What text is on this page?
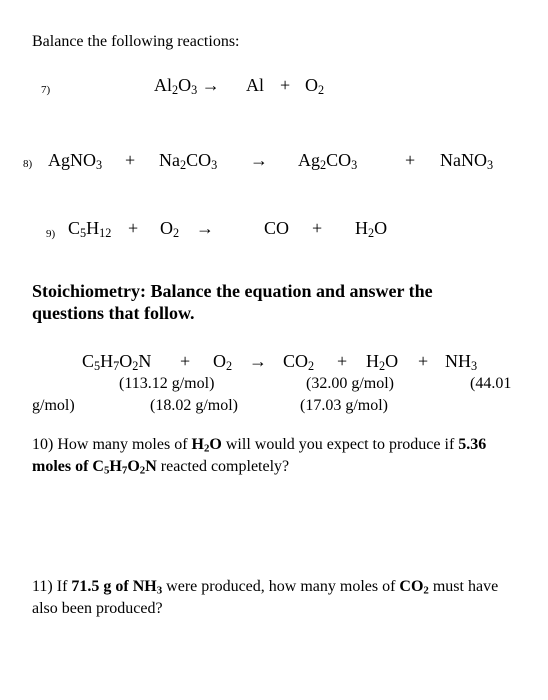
Balance the following reactions:
7)	$Al_2O_3 \to Al + O_2$
8) AgNO$_3$ + $Na_2CO_3 \to Ag_2CO_3$	+ NaNO$_3$
9) $C_5H_{12} + O_2$ →	CO + $H_2O$
Stoichiometry: Balance the equation and answer the
questions that follow.
$C_5H_7O_2N + O_2 \to CO_2 + H_2O + NH_3$
(113.12 g/mol)	(32.00 g/mol)	(44.01
g/mol)	(18.02 g/mol)	(17.03 g/mol)
10) How many moles of $H_2O$ will would you expect to produce if 5.36
moles of $C_5H_7O_2N$ reacted completely?
11) If 71.5 g of $NH_3$ were produced, how many moles of $CO_2$ must have
also been produced?
